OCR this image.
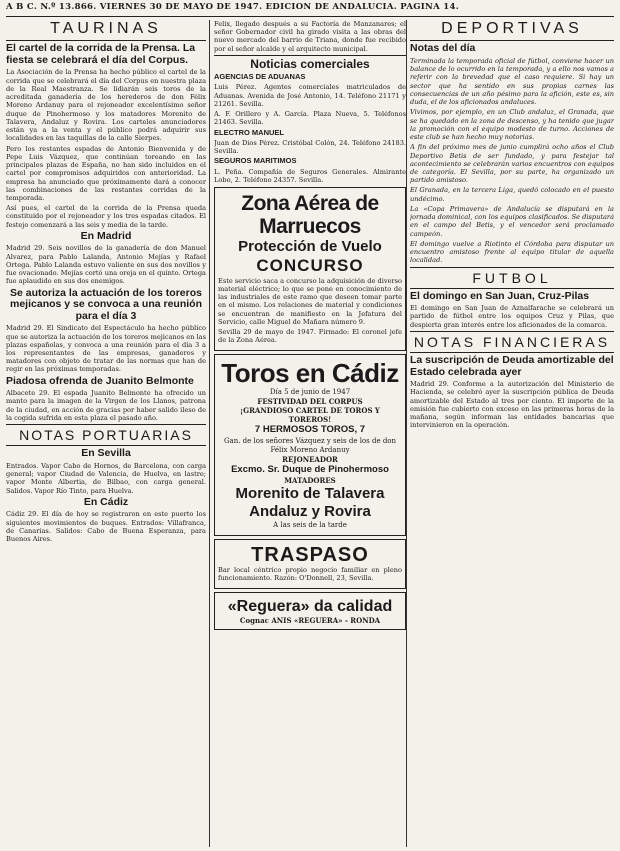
A B C. N.º 13.866. VIERNES 30 DE MAYO DE 1947. EDICION DE ANDALUCIA. PAGINA 14.
TAURINAS
El cartel de la corrida de la Prensa. La fiesta se celebrará el día del Corpus.

La Asociación de la Prensa ha hecho público el cartel de la corrida que se celebrará el día del Corpus en nuestra plaza de la Real Maestranza. Se lidiarán seis toros de la acreditada ganadería de los herederos de don Félix Moreno Ardanuy para el rejoneador excelentísimo señor duque de Pinohermoso y los matadores Morenito de Talavera, Andaluz y Rovira. Los carteles anunciadores están ya a la venta y el público podrá adquirir sus localidades en las taquillas de la calle Sierpes.

Pero los restantes espadas de Antonio Bienvenida y de Pepe Luis Vázquez, que continúan toreando en las principales plazas de España, no han sido incluidos en el cartel por compromisos adquiridos con anterioridad. La empresa ha anunciado que próximamente dará a conocer las combinaciones de las restantes corridas de la temporada.

Así pues, el cartel de la corrida de la Prensa queda constituido por el rejoneador y los tres espadas citados. El festejo comenzará a las seis y media de la tarde.

En Madrid

Madrid 29. Seis novillos de la ganadería de don Manuel Alvarez, para Pablo Lalanda, Antonio Mejías y Rafael Ortega. Pablo Lalanda estuvo valiente en sus dos novillos y fue ovacionado. Mejías cortó una oreja en el quinto. Ortega fue aplaudido en sus dos enemigos.

Se autoriza la actuación de los toreros mejicanos y se convoca a una reunión para el día 3

Madrid 29. El Sindicato del Espectáculo ha hecho público que se autoriza la actuación de los toreros mejicanos en las plazas españolas, y convoca a una reunión para el día 3 a los representantes de las empresas, ganaderos y matadores con objeto de tratar de las normas que han de regir en las próximas temporadas.

Piadosa ofrenda de Juanito Belmonte

Albacete 29. El espada Juanito Belmonte ha ofrecido un manto para la imagen de la Virgen de los Llanos, patrona de la ciudad, en acción de gracias por haber salido ileso de la cogida sufrida en esta plaza el pasado año.

NOTAS PORTUARIAS
En Sevilla

Entrados. Vapor Cabo de Hornos, de Barcelona, con carga general; vapor Ciudad de Valencia, de Huelva, en lastre; vapor Monte Albertia, de Bilbao, con carga general. Salidos. Vapor Río Tinto, para Huelva.

En Cádiz

Cádiz 29. El día de hoy se registraron en este puerto los siguientes movimientos de buques. Entrados: Villafranca, de Canarias. Salidos: Cabo de Buena Esperanza, para Buenos Aires.

Felix, llegado después a su Factoría de Manzanares; el señor Gobernador civil ha girado visita a las obras del nuevo mercado del barrio de Triana, donde fue recibido por el señor alcalde y el arquitecto municipal.

Noticias comerciales
AGENCIAS DE ADUANAS

Luis Pérez. Agentes comerciales matriculados de Aduanas. Avenida de José Antonio, 14. Teléfono 21171 y 21261. Sevilla.

A. F. Orillero y A. García. Plaza Nueva, 5. Teléfonos 21463. Sevilla.

ELECTRO MANUEL

Juan de Dios Pérez. Cristóbal Colón, 24. Teléfono 24183. Sevilla.

SEGUROS MARITIMOS

L. Peña. Compañía de Seguros Generales. Almirante Lobo, 2. Teléfono 24357. Sevilla.

Zona Aérea de Marruecos
Protección de Vuelo
CONCURSO

Este servicio saca a concurso la adquisición de diverso material eléctrico; lo que se pone en conocimiento de las industriales de este ramo que deseen tomar parte en el mismo. Los relaciones de material y condiciones se encuentran de manifiesto en la Jefatura del Servicio, calle Miguel de Mañara número 9.

Sevilla 29 de mayo de 1947. Firmado: El coronel jefe de la Zona Aérea.

Toros en Cádiz
Día 5 de junio de 1947
FESTIVIDAD DEL CORPUS
¡GRANDIOSO CARTEL DE TOROS Y TOREROS!
7 HERMOSOS TOROS, 7
Gan. de los señores Vázquez y seis de los de don Félix Moreno Ardanuy
REJONEADOR
Excmo. Sr. Duque de Pinohermoso
MATADORES
Morenito de Talavera
Andaluz y Rovira
A las seis de la tarde
TRASPASO

Bar local céntrico propio negocio familiar en pleno funcionamiento. Razón: O'Donnell, 23, Sevilla.

«Reguera» da calidad
Cognac ANIS «REGUERA» - RONDA
DEPORTIVAS
Notas del día

Terminada la temporada oficial de fútbol, conviene hacer un balance de lo ocurrido en la temporada, y a ello nos vamos a referir con la brevedad que el caso requiere. Si hay un sector que ha sentido en sus propias carnes las consecuencias de un año pésimo para la afición, este es, sin duda, el de los aficionados andaluces.

Vivimos, por ejemplo, en un Club andaluz, el Granada, que se ha quedado en la zona de descenso, y ha tenido que jugar la promoción con el equipo modesto de turno. Acciones de este club se han hecho muy notorias.

A fin del próximo mes de junio cumplirá ocho años el Club Deportivo Betis de ser fundado, y para festejar tal acontecimiento se celebrarán varios encuentros con equipos de categoría. El Sevilla, por su parte, ha organizado un partido amistoso.

El Granada, en la tercera Liga, quedó colocado en el puesto undécimo.

La «Copa Primavera» de Andalucía se disputará en la jornada dominical, con los equipos clasificados. Se disputará en el campo del Betis, y el vencedor será proclamado campeón.

El domingo vuelve a Riotinto el Córdoba para disputar un encuentro amistoso frente al equipo titular de aquella localidad.

FUTBOL
El domingo en San Juan, Cruz-Pilas

El domingo en San Juan de Aznalfarache se celebrará un partido de fútbol entre los equipos Cruz y Pilas, que despierta gran interés entre los aficionados de la comarca.

NOTAS FINANCIERAS
La suscripción de Deuda amortizable del Estado celebrada ayer

Madrid 29. Conforme a la autorización del Ministerio de Hacienda, se celebró ayer la suscripción pública de Deuda amortizable del Estado al tres por ciento. El importe de la emisión fue cubierto con exceso en las primeras horas de la mañana, según informan las entidades bancarias que intervinieron en la operación.
